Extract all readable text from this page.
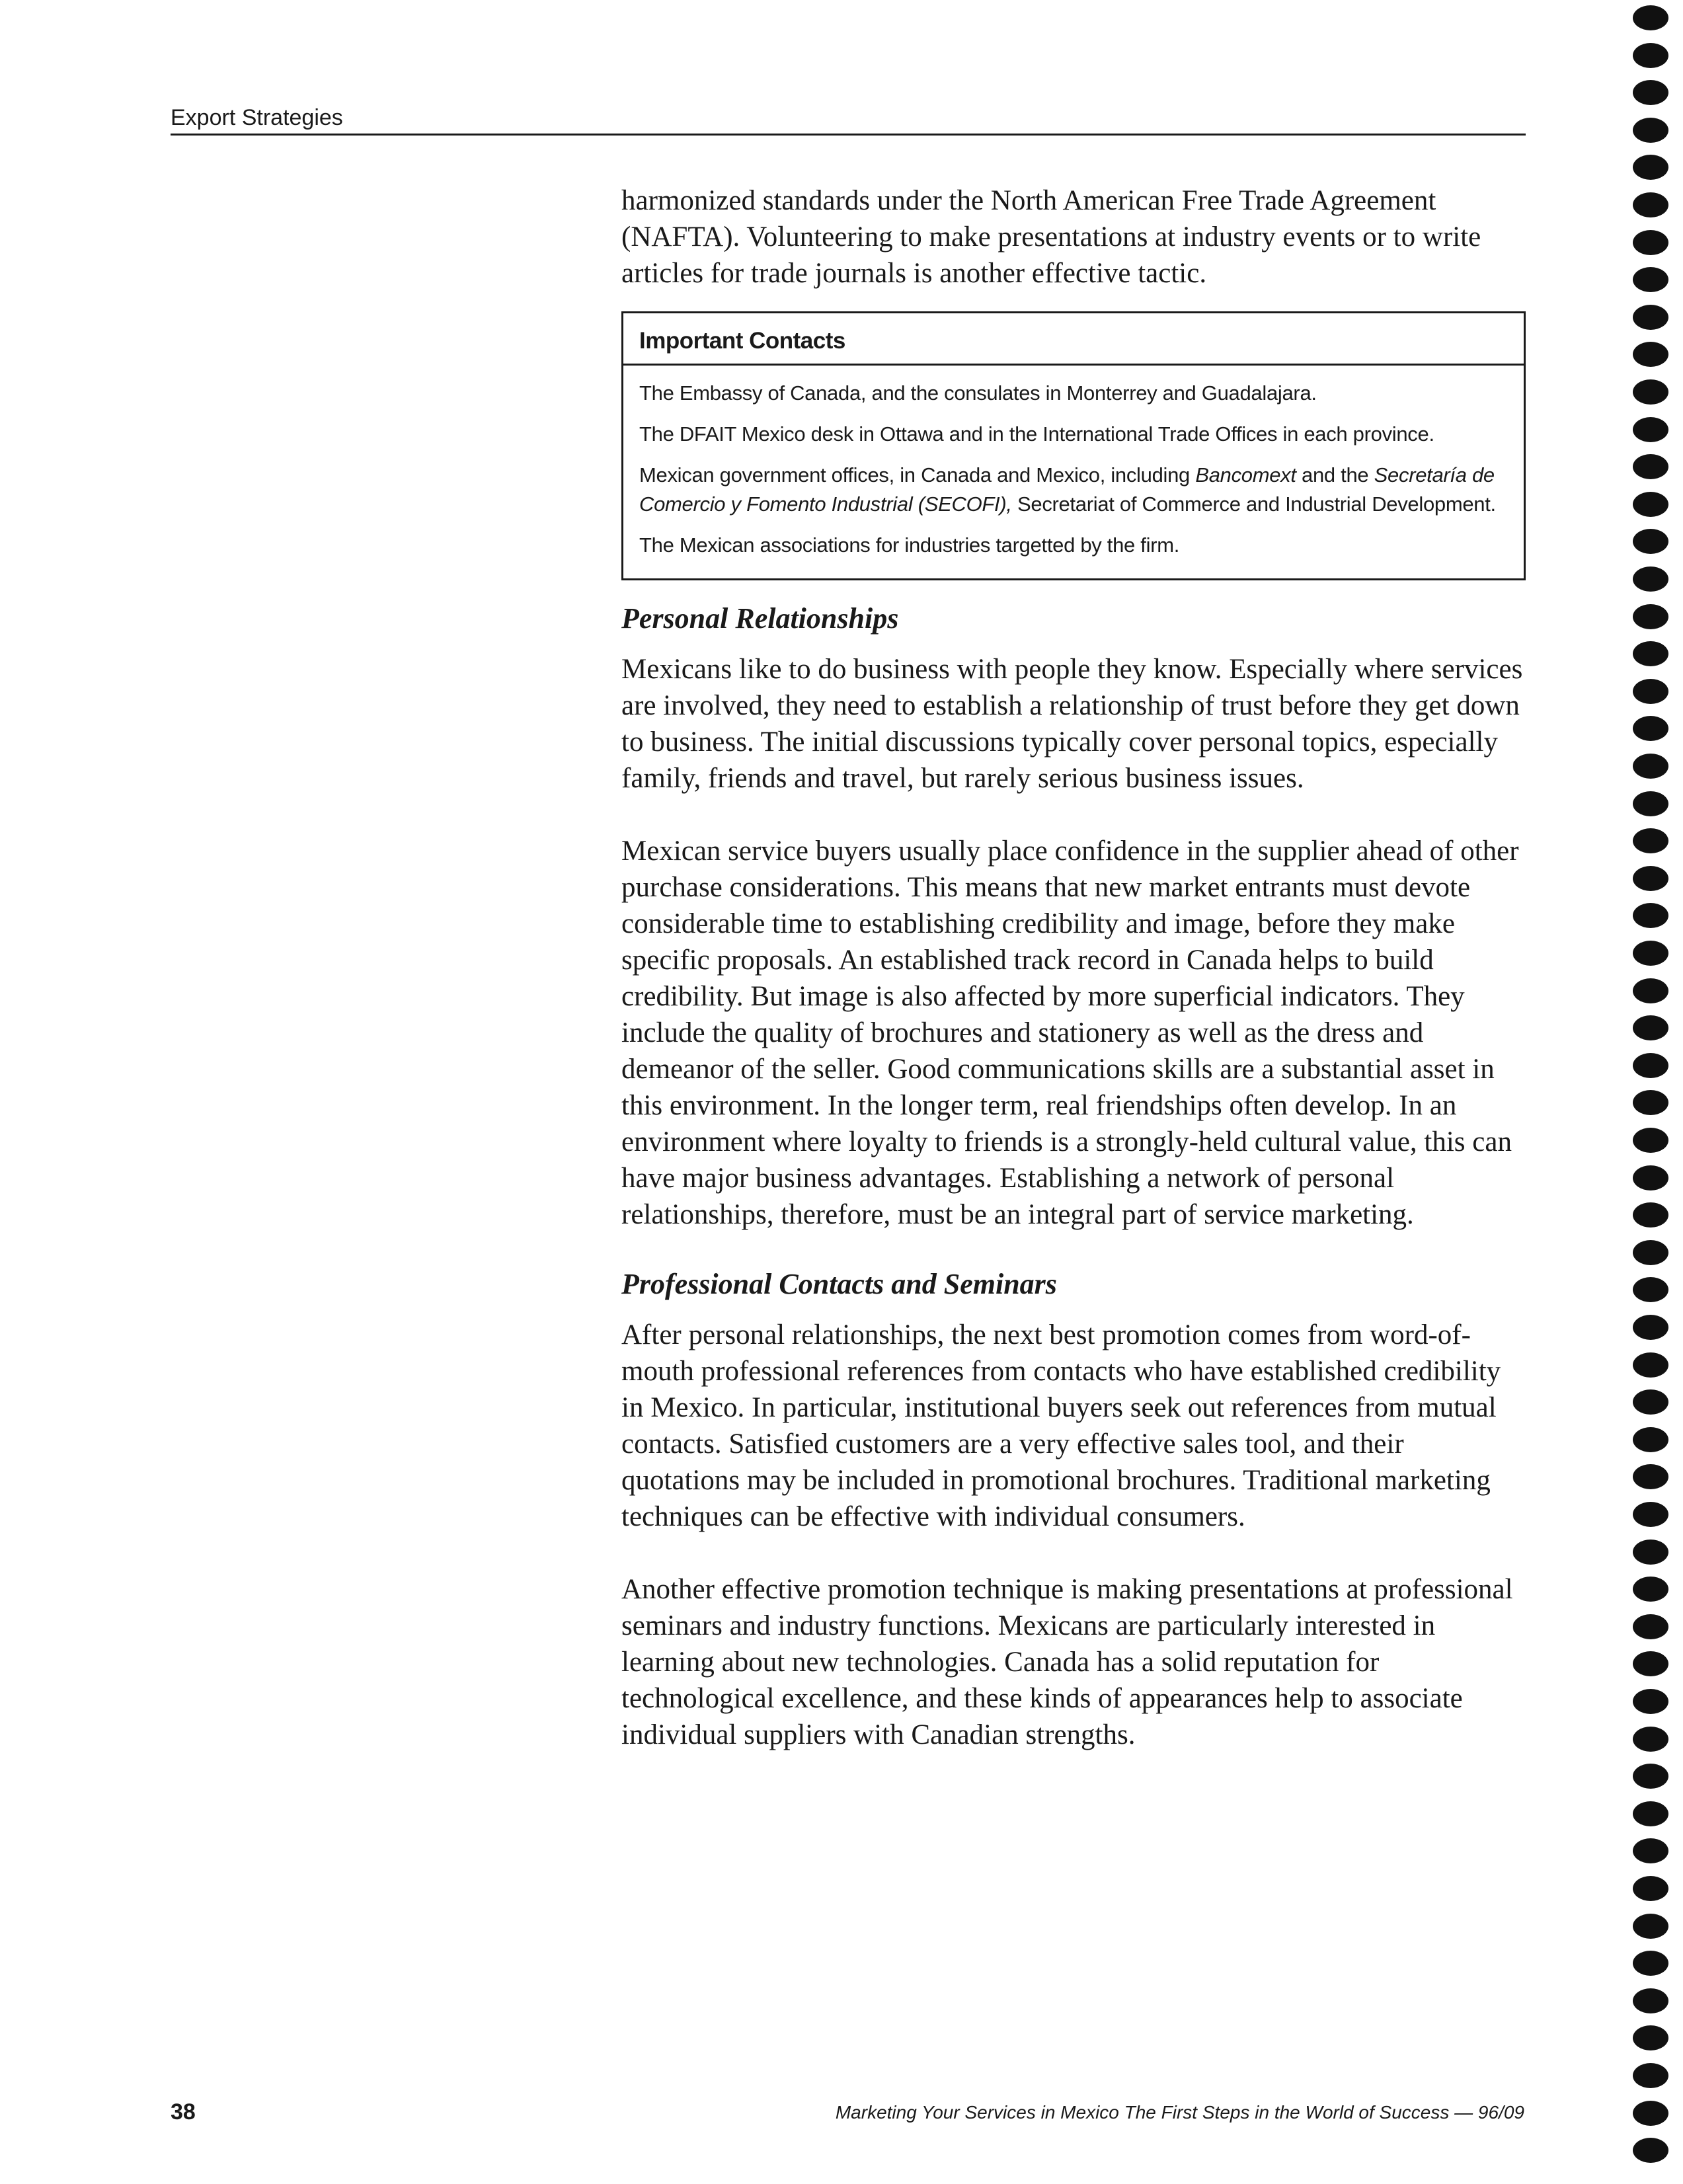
Export Strategies

harmonized standards under the North American Free Trade Agreement (NAFTA). Volunteering to make presentations at industry events or to write articles for trade journals is another effective tactic.

Important Contacts
The Embassy of Canada, and the consulates in Monterrey and Guadalajara.
The DFAIT Mexico desk in Ottawa and in the International Trade Offices in each province.
Mexican government offices, in Canada and Mexico, including Bancomext and the Secretaría de Comercio y Fomento Industrial (SECOFI), Secretariat of Commerce and Industrial Development.
The Mexican associations for industries targetted by the firm.

Personal Relationships

Mexicans like to do business with people they know. Especially where services are involved, they need to establish a relationship of trust before they get down to business. The initial discussions typically cover personal topics, especially family, friends and travel, but rarely serious business issues.

Mexican service buyers usually place confidence in the supplier ahead of other purchase considerations. This means that new market entrants must devote considerable time to establishing credibility and image, before they make specific proposals. An established track record in Canada helps to build credibility. But image is also affected by more superficial indicators. They include the quality of brochures and stationery as well as the dress and demeanor of the seller. Good communications skills are a substantial asset in this environment. In the longer term, real friendships often develop. In an environment where loyalty to friends is a strongly-held cultural value, this can have major business advantages. Establishing a network of personal relationships, therefore, must be an integral part of service marketing.

Professional Contacts and Seminars

After personal relationships, the next best promotion comes from word-of-mouth professional references from contacts who have established credibility in Mexico. In particular, institutional buyers seek out references from mutual contacts. Satisfied customers are a very effective sales tool, and their quotations may be included in promotional brochures. Traditional marketing techniques can be effective with individual consumers.

Another effective promotion technique is making presentations at professional seminars and industry functions. Mexicans are particularly interested in learning about new technologies. Canada has a solid reputation for technological excellence, and these kinds of appearances help to associate individual suppliers with Canadian strengths.

38	Marketing Your Services in Mexico The First Steps in the World of Success — 96/09
